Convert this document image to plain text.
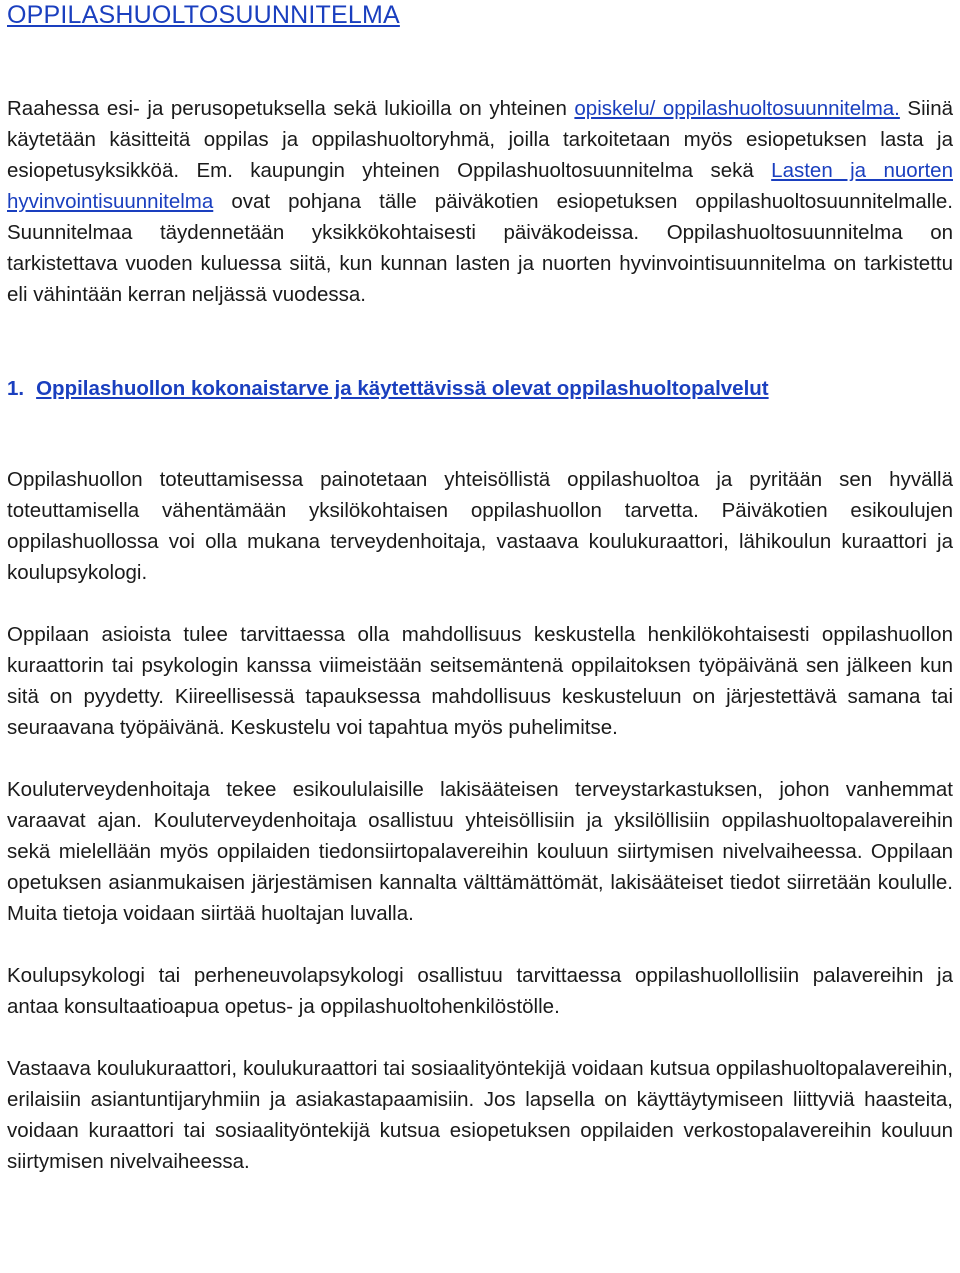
OPPILASHUOLTOSUUNNITELMA

Raahessa esi- ja perusopetuksella sekä lukioilla on yhteinen opiskelu/ oppilashuoltosuunnitelma. Siinä käytetään käsitteitä oppilas ja oppilashuoltoryhmä, joilla tarkoitetaan myös esiopetuksen lasta ja esiopetusyksikköä. Em. kaupungin yhteinen Oppilashuoltosuunnitelma sekä Lasten ja nuorten hyvinvointisuunnitelma ovat pohjana tälle päiväkotien esiopetuksen oppilashuoltosuunnitelmalle. Suunnitelmaa täydennetään yksikkökohtaisesti päiväkodeissa. Oppilashuoltosuunnitelma on tarkistettava vuoden kuluessa siitä, kun kunnan lasten ja nuorten hyvinvointisuunnitelma on tarkistettu eli vähintään kerran neljässä vuodessa.

1. Oppilashuollon kokonaistarve ja käytettävissä olevat oppilashuoltopalvelut

Oppilashuollon toteuttamisessa painotetaan yhteisöllistä oppilashuoltoa ja pyritään sen hyvällä toteuttamisella vähentämään yksilökohtaisen oppilashuollon tarvetta. Päiväkotien esikoulujen oppilashuollossa voi olla mukana terveydenhoitaja, vastaava koulukuraattori, lähikoulun kuraattori ja koulupsykologi.

Oppilaan asioista tulee tarvittaessa olla mahdollisuus keskustella henkilökohtaisesti oppilashuollon kuraattorin tai psykologin kanssa viimeistään seitsemäntenä oppilaitoksen työpäivänä sen jälkeen kun sitä on pyydetty. Kiireellisessä tapauksessa mahdollisuus keskusteluun on järjestettävä samana tai seuraavana työpäivänä. Keskustelu voi tapahtua myös puhelimitse.

Kouluterveydenhoitaja tekee esikoululaisille lakisääteisen terveystarkastuksen, johon vanhemmat varaavat ajan. Kouluterveydenhoitaja osallistuu yhteisöllisiin ja yksilöllisiin oppilashuoltopalavereihin sekä mielellään myös oppilaiden tiedonsiirtopalavereihin kouluun siirtymisen nivelvaiheessa. Oppilaan opetuksen asianmukaisen järjestämisen kannalta välttämättömät, lakisääteiset tiedot siirretään koululle. Muita tietoja voidaan siirtää huoltajan luvalla.

Koulupsykologi tai perheneuvolapsykologi osallistuu tarvittaessa oppilashuollollisiin palavereihin ja antaa konsultaatioapua opetus- ja oppilashuoltohenkilöstölle.

Vastaava koulukuraattori, koulukuraattori tai sosiaalityöntekijä voidaan kutsua oppilashuoltopalavereihin, erilaisiin asiantuntijaryhmiin ja asiakastapaamisiin. Jos lapsella on käyttäytymiseen liittyviä haasteita, voidaan kuraattori tai sosiaalityöntekijä kutsua esiopetuksen oppilaiden verkostopalavereihin kouluun siirtymisen nivelvaiheessa.
